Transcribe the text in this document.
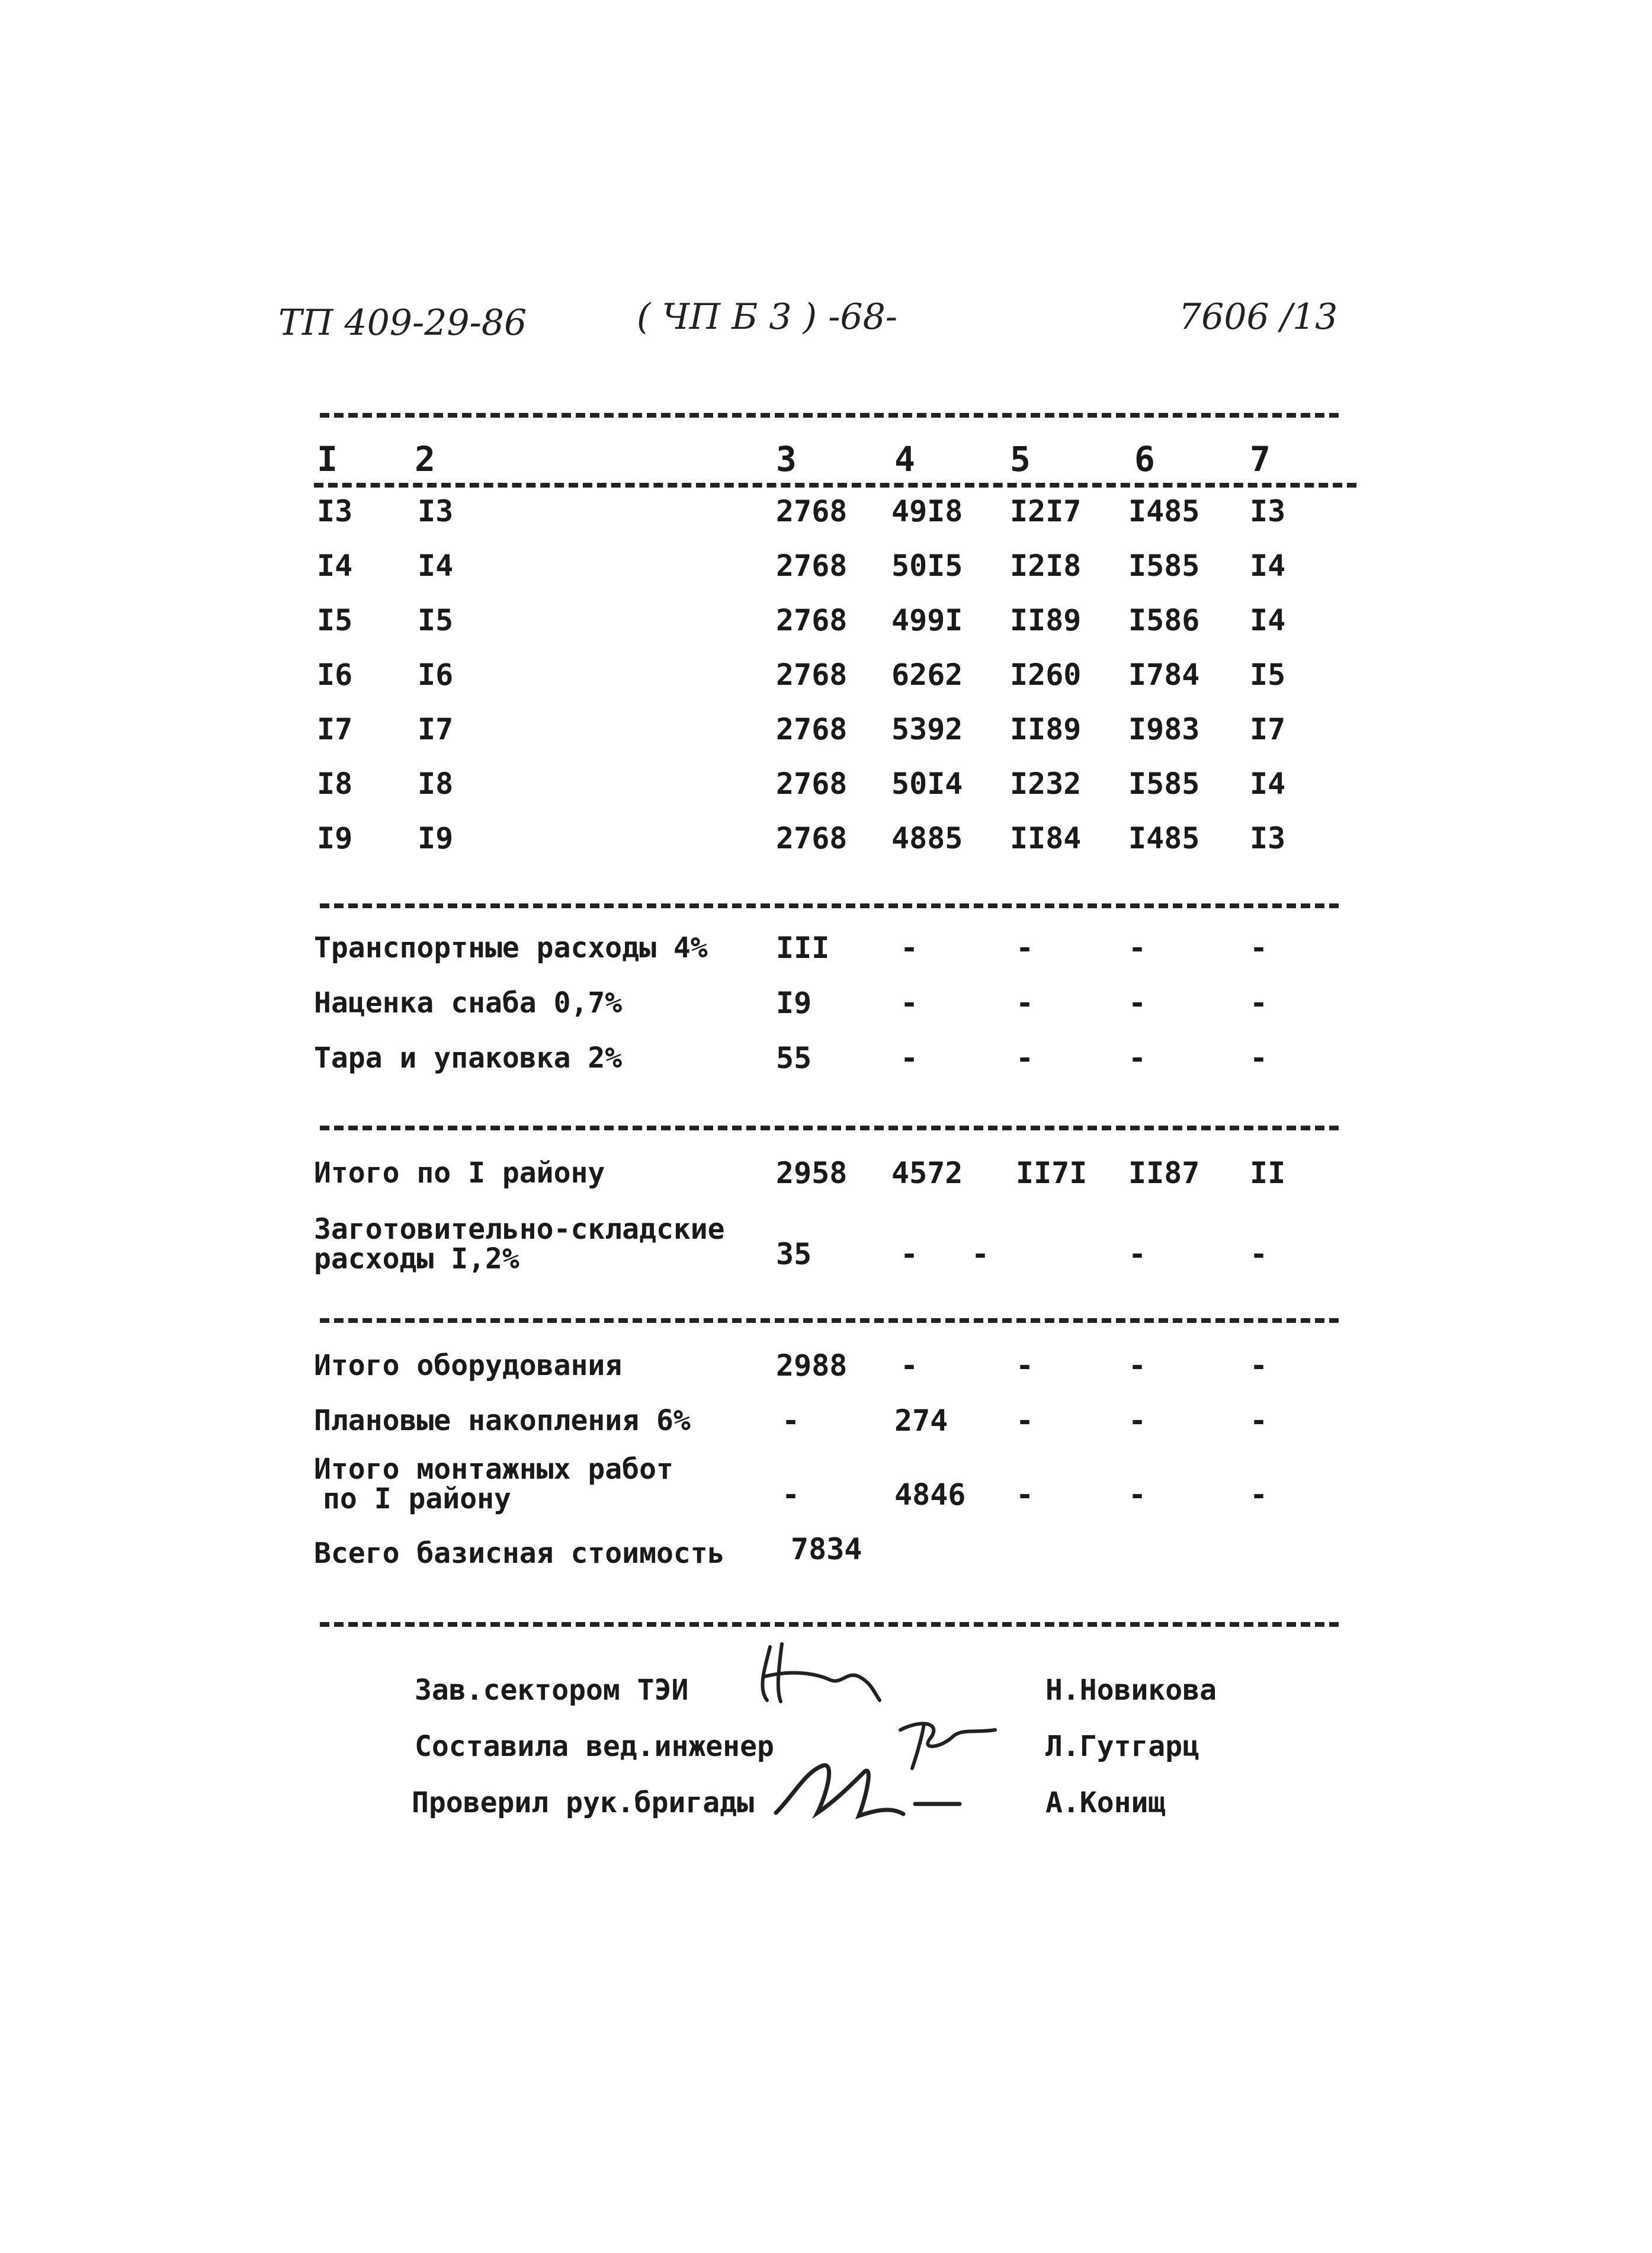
ТП 409-29-86	( ЧП Б 3 ) -68-	7606 /13
I 2	3	4	5	6	7
I3 I3	2768 49I8 I2I7 I485 I3
I4 I4	2768 50I5 I2I8 I585 I4
I5 I5	2768 499I II89 I586 I4
I6 I6	2768 6262 I260 I784 I5
I7 I7	2768 5392 II89 I983 I7
I8 I8	2768 50I4 I232 I585 I4
I9 I9	2768 4885 II84 I485 I3
Транспортные расходы 4% III -	-	-	-
Наценка снаба 0,7%	I9	-	-	-	-
Тара и упаковка 2%	55	-	-	-	-
Итого по I району	2958 4572 II7I II87 II
Заготовительно-складские
расходы I,2%	35	- -	-	-
Итого оборудования	2988 -	-	-	-
Плановые накопления 6%	-	274 -	-	-
Итого монтажных работ
по I району	-	4846 -	-	-
Всего базисная стоимость 7834
Зав.сектором ТЭИ	Н.Новикова
Составила вед.инженер	Л.Гутгарц
Проверил рук.бригады	А.Конищ
